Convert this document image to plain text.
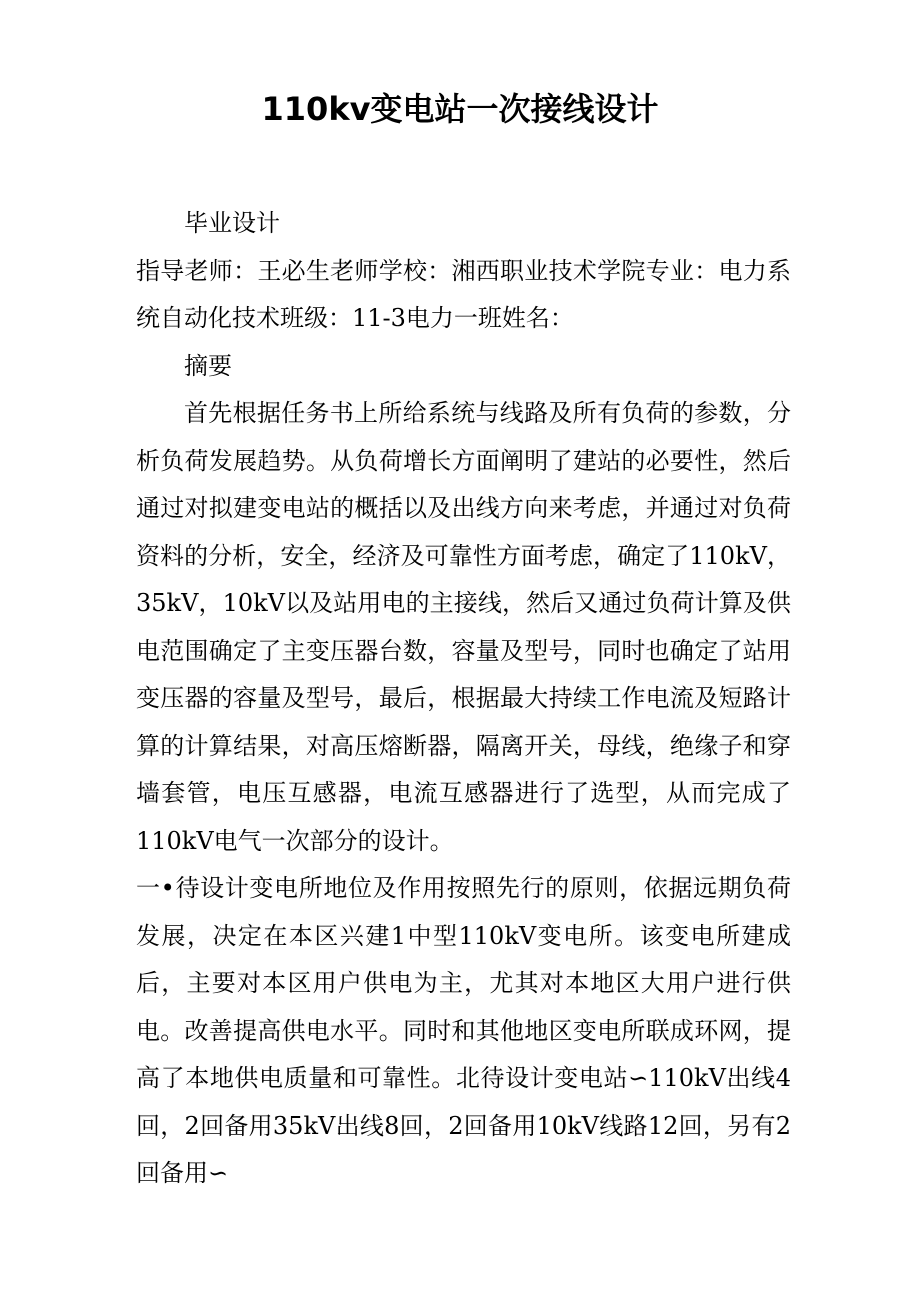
110kv变电站一次接线设计

毕业设计

指导老师：王必生老师学校：湘西职业技术学院专业：电力系统自动化技术班级：11-3电力一班姓名：

摘要

首先根据任务书上所给系统与线路及所有负荷的参数，分析负荷发展趋势。从负荷增长方面阐明了建站的必要性，然后通过对拟建变电站的概括以及出线方向来考虑，并通过对负荷资料的分析，安全，经济及可靠性方面考虑，确定了110kV，35kV，10kV以及站用电的主接线，然后又通过负荷计算及供电范围确定了主变压器台数，容量及型号，同时也确定了站用变压器的容量及型号，最后，根据最大持续工作电流及短路计算的计算结果，对高压熔断器，隔离开关，母线，绝缘子和穿墙套管，电压互感器，电流互感器进行了选型，从而完成了110kV电气一次部分的设计。

一•待设计变电所地位及作用按照先行的原则，依据远期负荷发展，决定在本区兴建1中型110kV变电所。该变电所建成后，主要对本区用户供电为主，尤其对本地区大用户进行供电。改善提高供电水平。同时和其他地区变电所联成环网，提高了本地供电质量和可靠性。北待设计变电站∽110kV出线4回，2回备用35kV出线8回，2回备用10kV线路12回，另有2回备用∽
